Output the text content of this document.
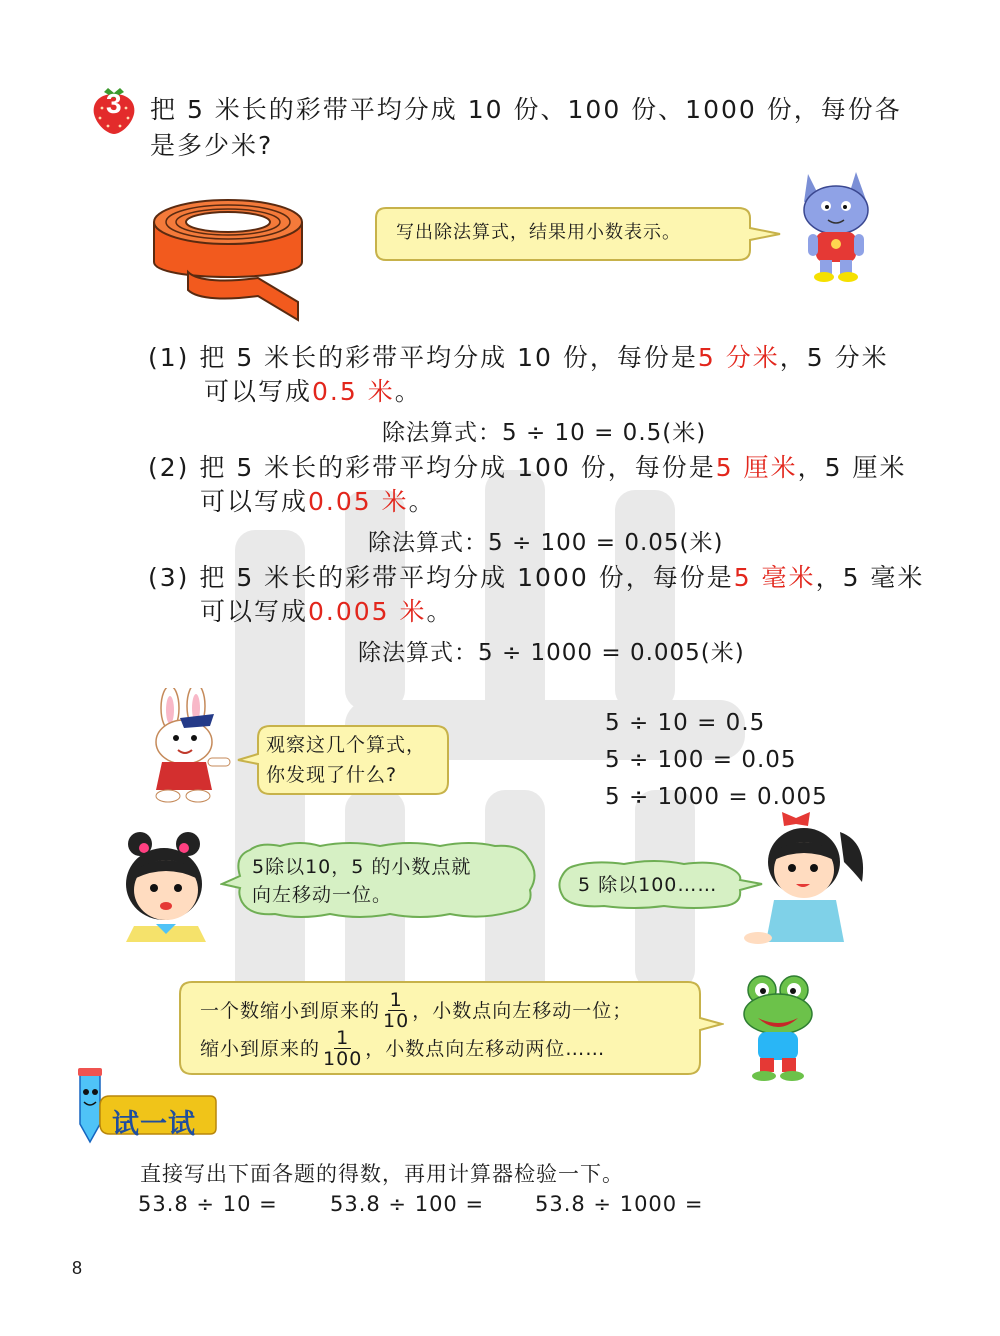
3 把 5 米长的彩带平均分成 10 份、100 份、1000 份，每份各
是多少米?
写出除法算式，结果用小数表示。
(1) 把 5 米长的彩带平均分成 10 份，每份是5 分米，5 分米
可以写成0.5 米。
除法算式：5 ÷ 10 = 0.5(米)
(2) 把 5 米长的彩带平均分成 100 份，每份是5 厘米，5 厘米
可以写成0.05 米。
除法算式：5 ÷ 100 = 0.05(米)
(3) 把 5 米长的彩带平均分成 1000 份，每份是5 毫米，5 毫米
可以写成0.005 米。
除法算式：5 ÷ 1000 = 0.005(米)
观察这几个算式，
你发现了什么?
5 ÷ 10 = 0.5
5 ÷ 100 = 0.05
5 ÷ 1000 = 0.005
5除以10，5 的小数点就
向左移动一位。	5 除以100……
一个数缩小到原来的 $\frac{1}{10}$ ，小数点向左移动一位；
缩小到原来的 $\frac{1}{100}$ ，小数点向左移动两位……
试一试
直接写出下面各题的得数，再用计算器检验一下。
53.8 ÷ 10 = 53.8 ÷ 100 = 53.8 ÷ 1000 =
8
